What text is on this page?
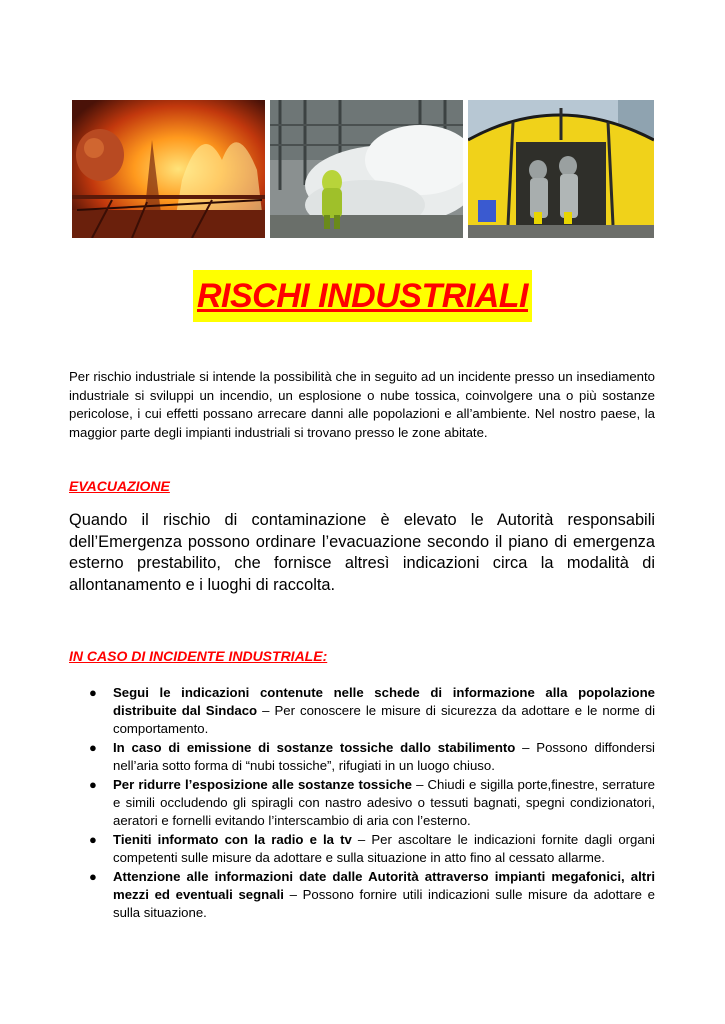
RISCHI INDUSTRIALI
Per rischio industriale si intende la possibilità che in seguito ad un incidente presso un insediamento industriale si sviluppi un incendio, un esplosione o nube tossica, coinvolgere una o più sostanze pericolose, i cui effetti possano arrecare danni alle popolazioni e all’ambiente. Nel nostro paese, la maggior parte degli impianti industriali si trovano presso le zone abitate.
EVACUAZIONE
Quando il rischio di contaminazione è elevato le Autorità responsabili dell’Emergenza possono ordinare l’evacuazione secondo il piano di emergenza esterno prestabilito, che fornisce altresì indicazioni circa la modalità di allontanamento e i luoghi di raccolta.
IN CASO DI INCIDENTE INDUSTRIALE:
● Segui le indicazioni contenute nelle schede di informazione alla popolazione distribuite dal Sindaco – Per conoscere le misure di sicurezza da adottare e le norme di comportamento.
● In caso di emissione di sostanze tossiche dallo stabilimento – Possono diffondersi nell’aria sotto forma di “nubi tossiche”, rifugiati in un luogo chiuso.
● Per ridurre l’esposizione alle sostanze tossiche – Chiudi e sigilla porte,finestre, serrature e simili occludendo gli spiragli con nastro adesivo o tessuti bagnati, spegni condizionatori, aeratori e fornelli evitando l’interscambio di aria con l’esterno.
● Tieniti informato con la radio e la tv – Per ascoltare le indicazioni fornite dagli organi competenti sulle misure da adottare e sulla situazione in atto fino al cessato allarme.
● Attenzione alle informazioni date dalle Autorità attraverso impianti megafonici, altri mezzi ed eventuali segnali – Possono fornire utili indicazioni sulle misure da adottare e sulla situazione.
